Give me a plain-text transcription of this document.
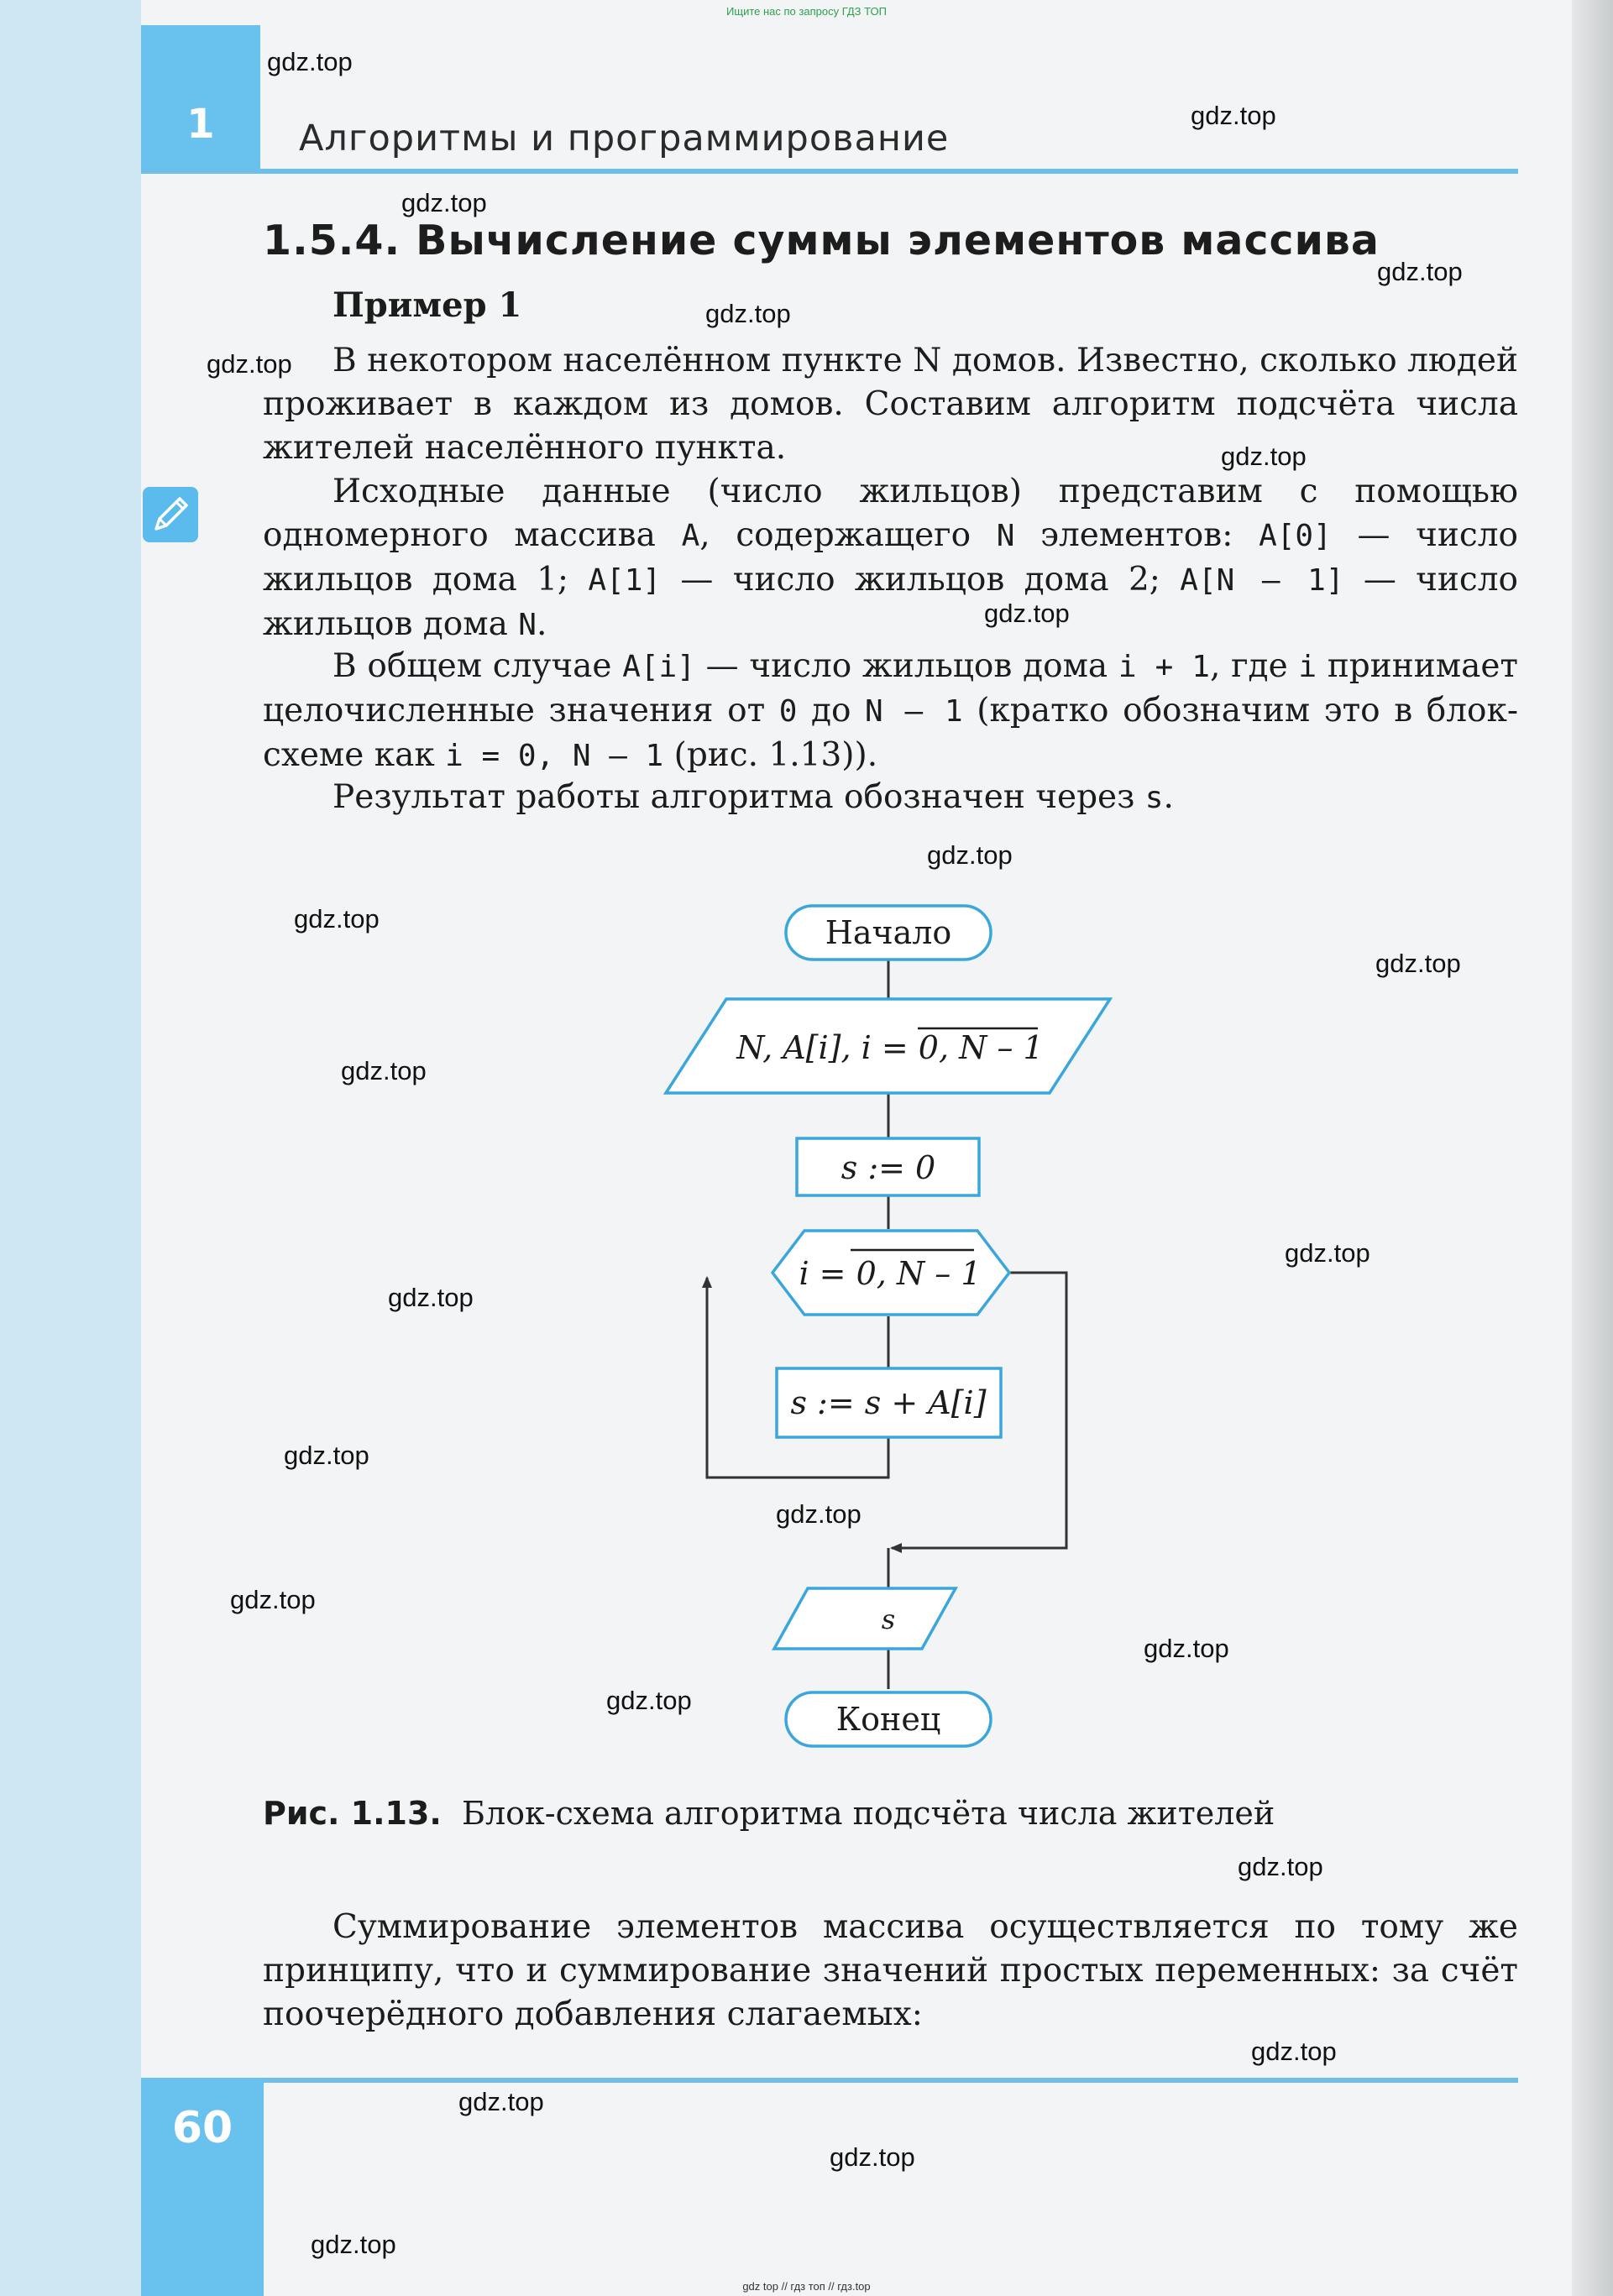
Ищите нас по запросу ГДЗ ТОП
1	Алгоритмы и программирование
1.5.4. Вычисление суммы элементов массива
Пример 1

В некотором населённом пункте N домов. Известно, сколько людей проживает в каждом из домов. Составим алгоритм подсчёта числа жителей населённого пункта.

Исходные данные (число жильцов) представим с помощью одномерного массива A, содержащего N элементов: A[0] — число жильцов дома 1; A[1] — число жильцов дома 2; A[N – 1] — число жильцов дома N.

В общем случае A[i] — число жильцов дома i + 1, где i принимает целочисленные значения от 0 до N – 1 (кратко обозначим это в блок-схеме как i = 0, N – 1 (рис. 1.13)).

Результат работы алгоритма обозначен через s.

Начало
N, A[i], i = 0, N – 1
s := 0
i = 0, N – 1
s := s + A[i]
s
Конец
Рис. 1.13. Блок-схема алгоритма подсчёта числа жителей

Суммирование элементов массива осуществляется по тому же принципу, что и суммирование значений простых переменных: за счёт поочерёдного добавления слагаемых:

60
gdz.top
gdz.top
gdz.top
gdz.top
gdz.top
gdz.top
gdz.top
gdz.top
gdz.top
gdz.top
gdz.top
gdz.top
gdz.top
gdz.top
gdz.top
gdz.top
gdz.top
gdz.top
gdz.top
gdz.top
gdz.top
gdz.top
gdz.top
gdz.top
gdz top // гдз топ // гдз.top
